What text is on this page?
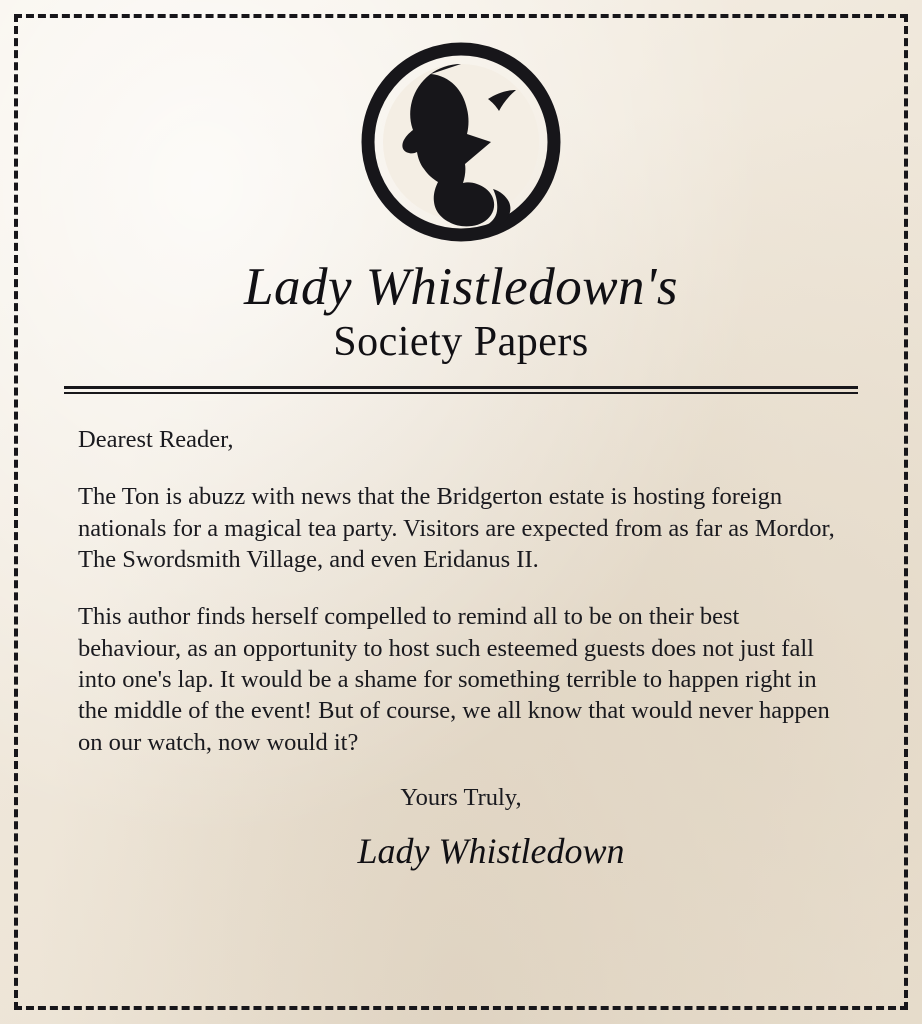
Lady Whistledown's
Society Papers

Dearest Reader,

The Ton is abuzz with news that the Bridgerton estate is hosting foreign nationals for a magical tea party. Visitors are expected from as far as Mordor, The Swordsmith Village, and even Eridanus II.

This author finds herself compelled to remind all to be on their best behaviour, as an opportunity to host such esteemed guests does not just fall into one's lap. It would be a shame for something terrible to happen right in the middle of the event! But of course, we all know that would never happen on our watch, now would it?

Yours Truly,
Lady Whistledown
